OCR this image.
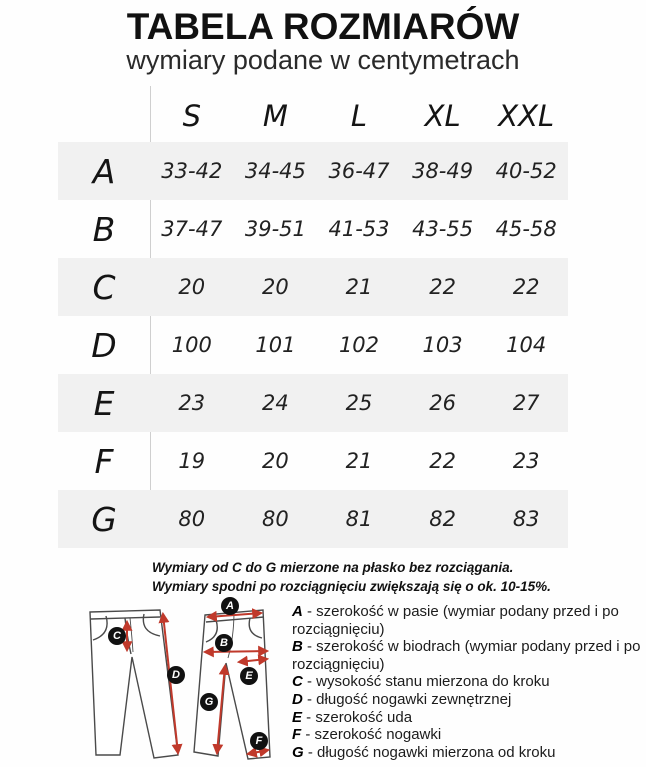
TABELA ROZMIARÓW
wymiary podane w centymetrach
S	M	L	XL	XXL
A	33-42	34-45	36-47	38-49	40-52
B	37-47	39-51	41-53	43-55	45-58
C	20	20	21	22	22
D	100	101	102	103	104
E	23	24	25	26	27
F	19	20	21	22	23
G	80	80	81	82	83
Wymiary od C do G mierzone na płasko bez rozciągania.
Wymiary spodni po rozciągnięciu zwiększają się o ok. 10-15%.
A
B
C
D	E
F
G
A - szerokość w pasie (wymiar podany przed i po rozciągnięciu)
B - szerokość w biodrach (wymiar podany przed i po rozciągnięciu)
C - wysokość stanu mierzona do kroku
D - długość nogawki zewnętrznej
E - szerokość uda
F - szerokość nogawki
G - długość nogawki mierzona od kroku
